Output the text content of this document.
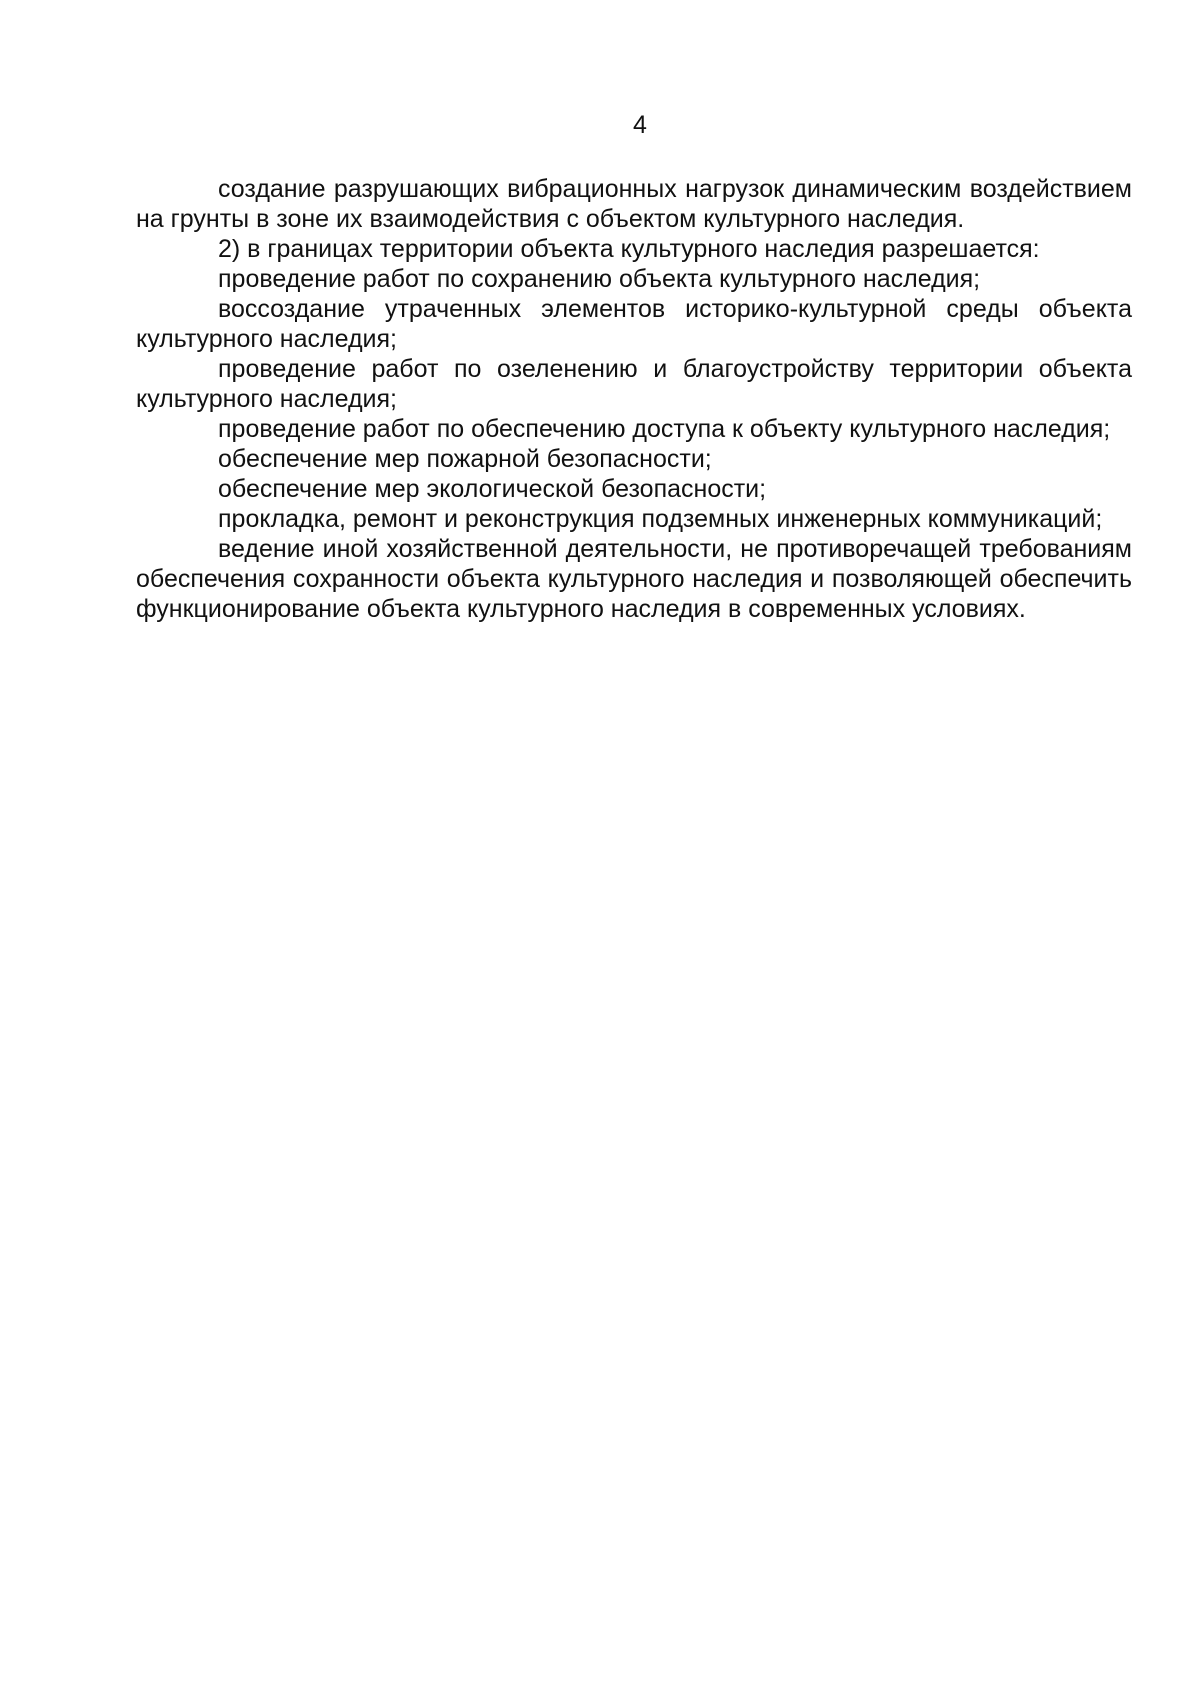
4

создание разрушающих вибрационных нагрузок динамическим воздействием на грунты в зоне их взаимодействия с объектом культурного наследия.

2) в границах территории объекта культурного наследия разрешается:

проведение работ по сохранению объекта культурного наследия;

воссоздание утраченных элементов историко-культурной среды объекта культурного наследия;

проведение работ по озеленению и благоустройству территории объекта культурного наследия;

проведение работ по обеспечению доступа к объекту культурного наследия;

обеспечение мер пожарной безопасности;

обеспечение мер экологической безопасности;

прокладка, ремонт и реконструкция подземных инженерных коммуникаций;

ведение иной хозяйственной деятельности, не противоречащей требованиям обеспечения сохранности объекта культурного наследия и позволяющей обеспечить функционирование объекта культурного наследия в современных условиях.
